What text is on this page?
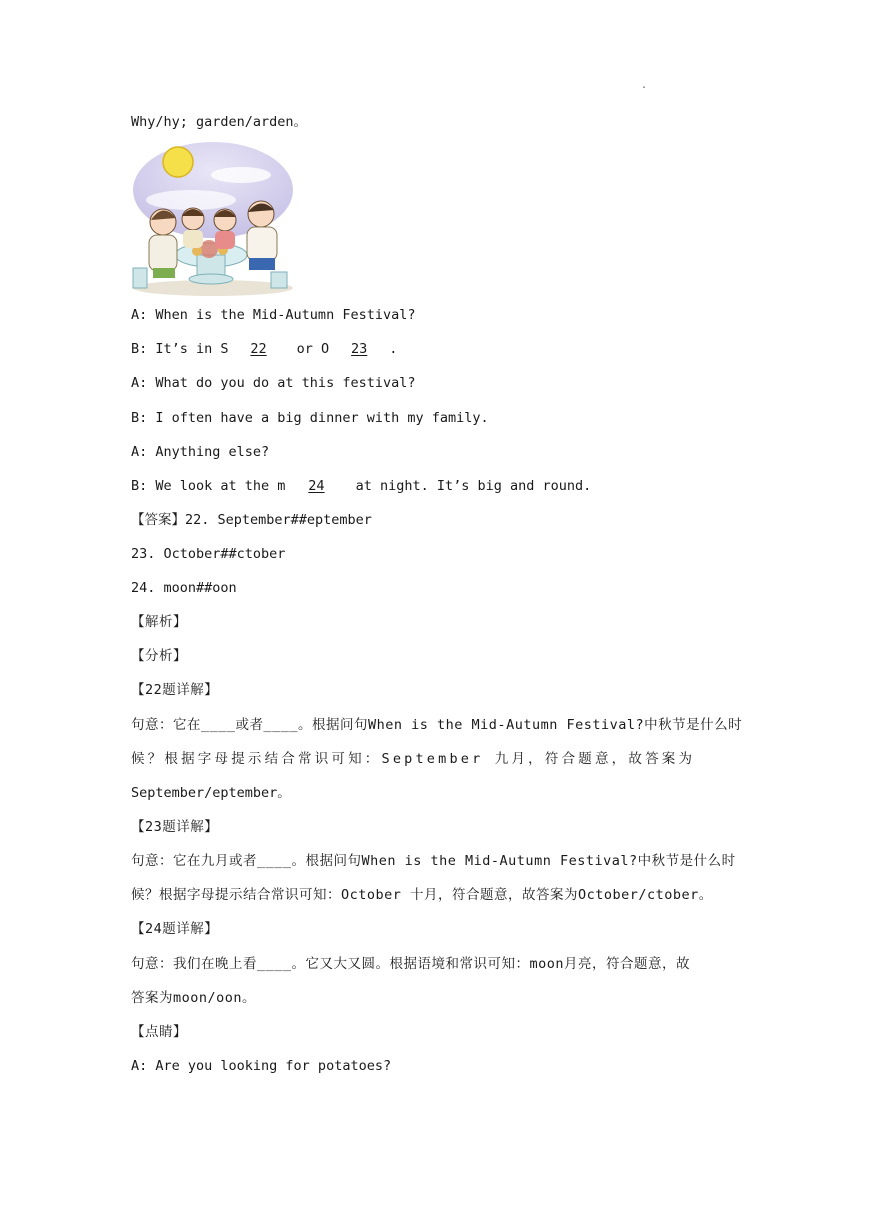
.
Why/hy; garden/arden。
A: When is the Mid-Autumn Festival?
B: It’s in S 22 or O 23 .
A: What do you do at this festival?
B: I often have a big dinner with my family.
A: Anything else?
B: We look at the m 24 at night. It’s big and round.
【答案】22. September##eptember
23. October##ctober
24. moon##oon
【解析】
【分析】
【22题详解】
句意：它在____或者____。根据问句When is the Mid-Autumn Festival?中秋节是什么时
候？根据字母提示结合常识可知：September 九月，符合题意，故答案为
September/eptember。
【23题详解】
句意：它在九月或者____。根据问句When is the Mid-Autumn Festival?中秋节是什么时
候？根据字母提示结合常识可知：October 十月，符合题意，故答案为October/ctober。
【24题详解】
句意：我们在晚上看____。它又大又圆。根据语境和常识可知：moon月亮，符合题意，故
答案为moon/oon。
【点睛】
A: Are you looking for potatoes?
